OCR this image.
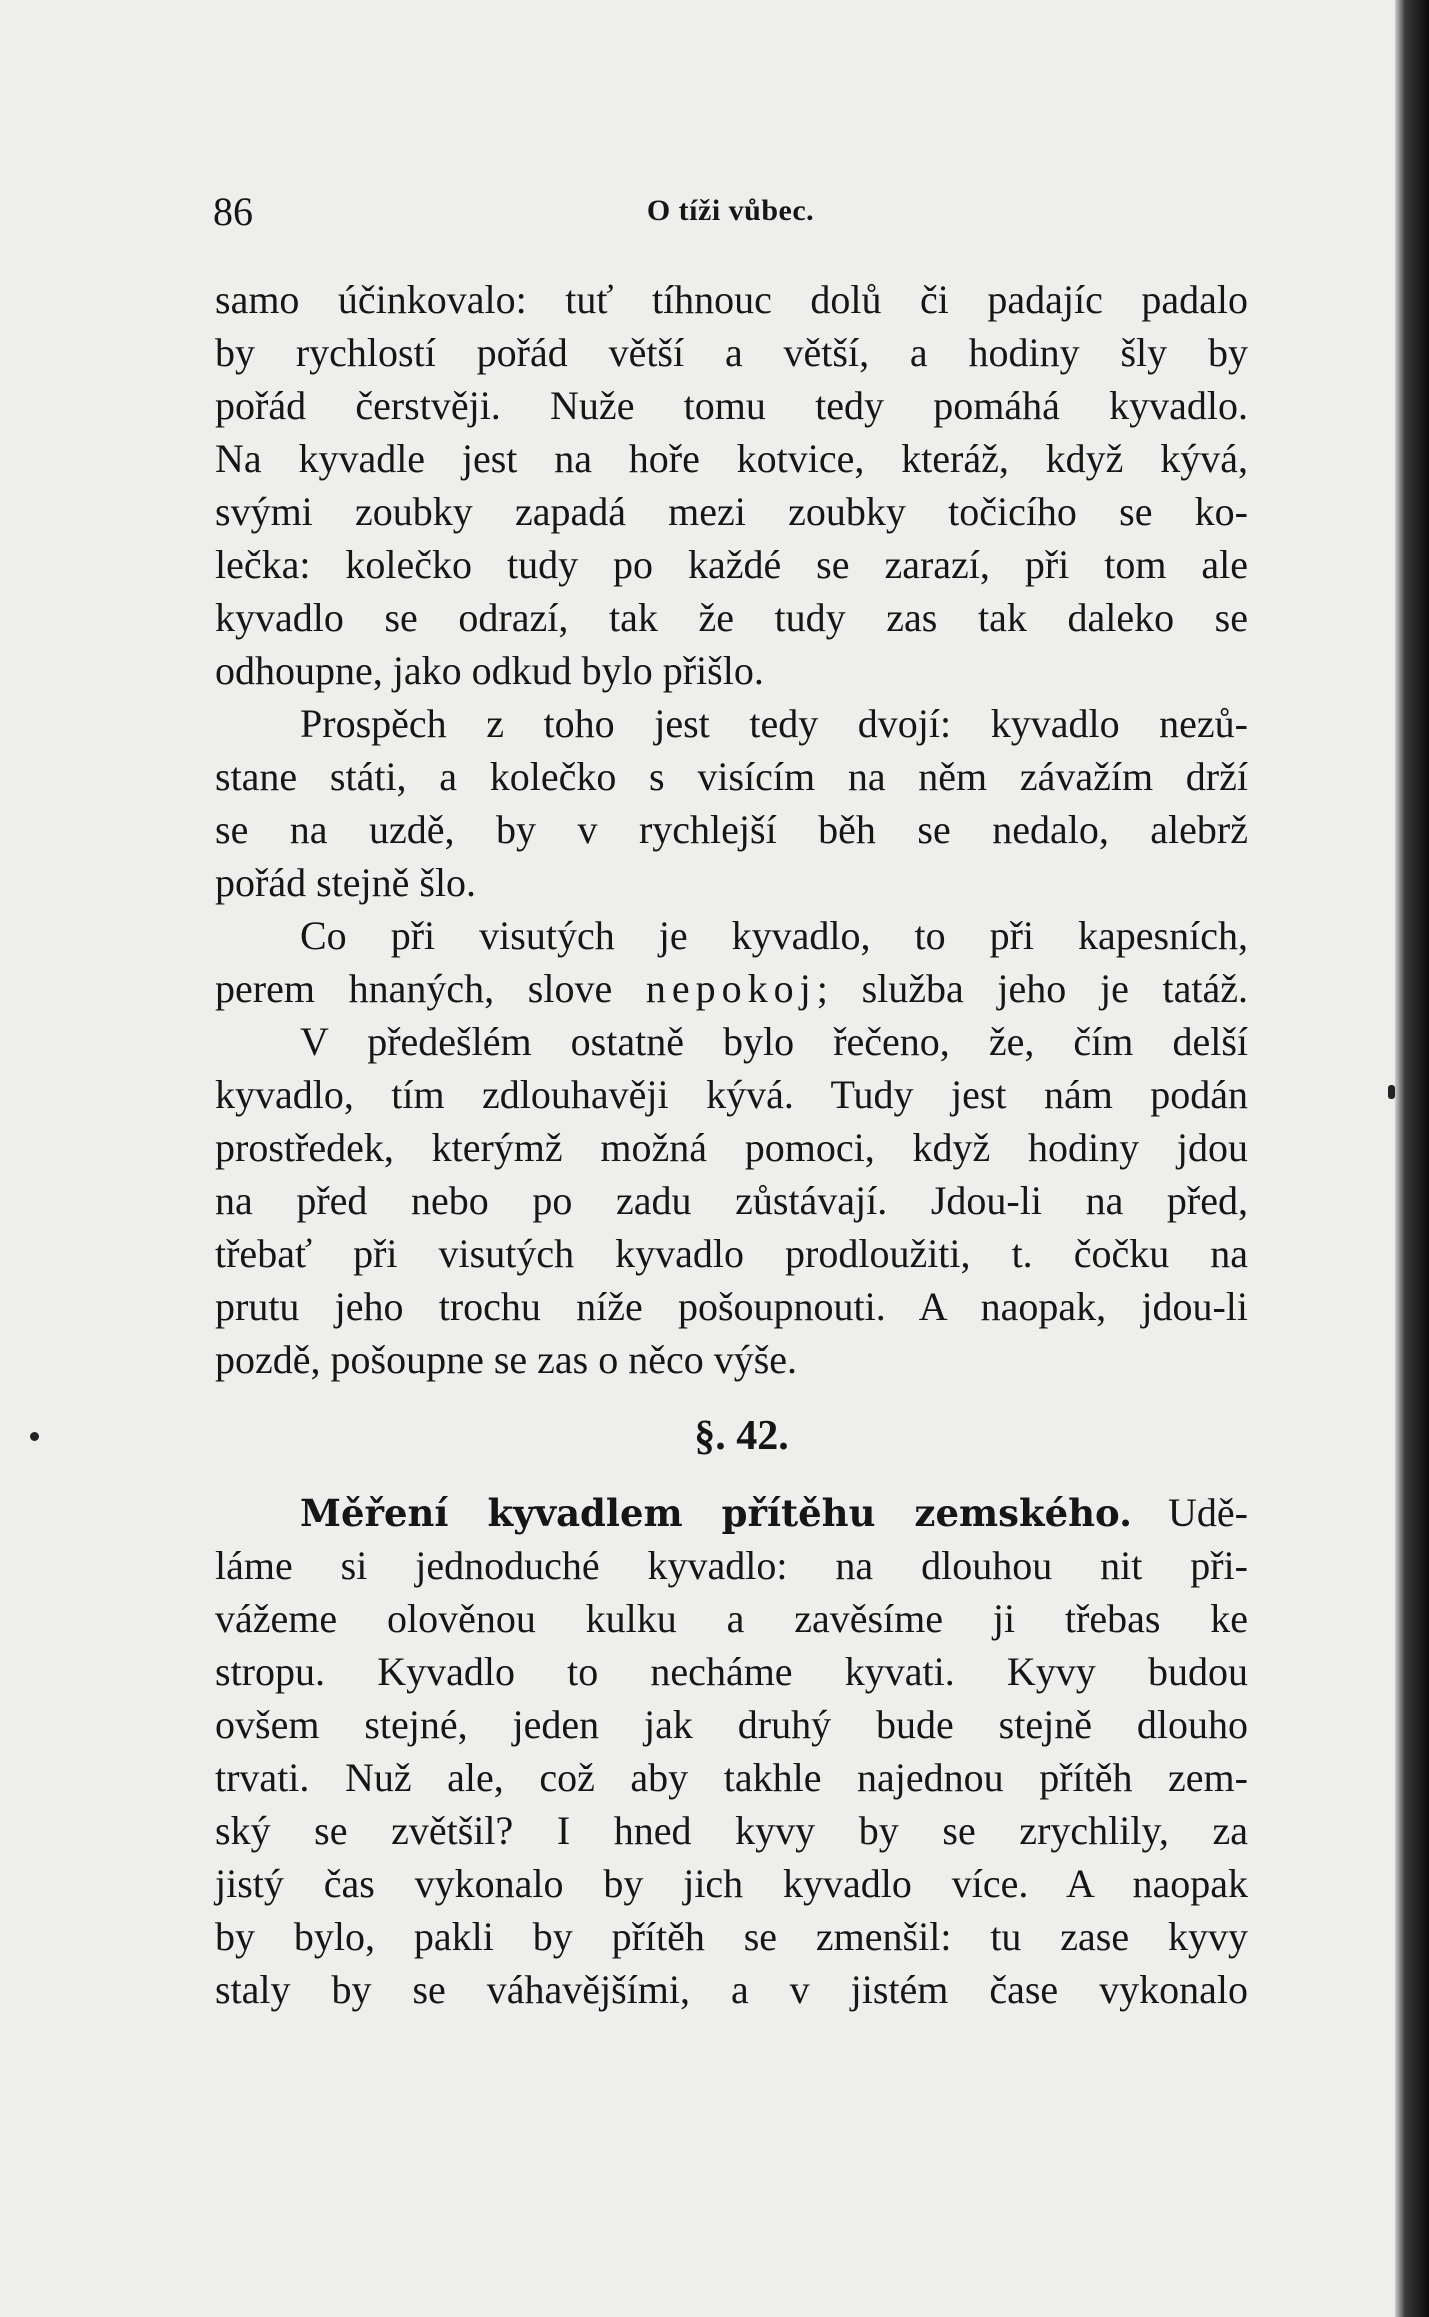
86	O tíži vůbec.
samo účinkovalo: tuť tíhnouc dolů či padajíc padalo
by rychlostí pořád větší a větší, a hodiny šly by
pořád čerstvěji. Nuže tomu tedy pomáhá kyvadlo.
Na kyvadle jest na hoře kotvice, kteráž, když kývá,
svými zoubky zapadá mezi zoubky točicího se ko-
lečka: kolečko tudy po každé se zarazí, při tom ale
kyvadlo se odrazí, tak že tudy zas tak daleko se
odhoupne, jako odkud bylo přišlo.
Prospěch z toho jest tedy dvojí: kyvadlo nezů-
stane státi, a kolečko s visícím na něm závažím drží
se na uzdě, by v rychlejší běh se nedalo, alebrž
pořád stejně šlo.
Co při visutých je kyvadlo, to při kapesních,
perem hnaných, slove nepokoj; služba jeho je tatáž.
V předešlém ostatně bylo řečeno, že, čím delší
kyvadlo, tím zdlouhavěji kývá. Tudy jest nám podán
prostředek, kterýmž možná pomoci, když hodiny jdou
na před nebo po zadu zůstávají. Jdou-li na před,
třebať při visutých kyvadlo prodloužiti, t. čočku na
prutu jeho trochu níže pošoupnouti. A naopak, jdou-li
pozdě, pošoupne se zas o něco výše.
§. 42.
Měření kyvadlem přítěhu zemského. Udě-
láme si jednoduché kyvadlo: na dlouhou nit při-
vážeme olověnou kulku a zavěsíme ji třebas ke
stropu. Kyvadlo to necháme kyvati. Kyvy budou
ovšem stejné, jeden jak druhý bude stejně dlouho
trvati. Nuž ale, což aby takhle najednou přítěh zem-
ský se zvětšil? I hned kyvy by se zrychlily, za
jistý čas vykonalo by jich kyvadlo více. A naopak
by bylo, pakli by přítěh se zmenšil: tu zase kyvy
staly by se váhavějšími, a v jistém čase vykonalo
